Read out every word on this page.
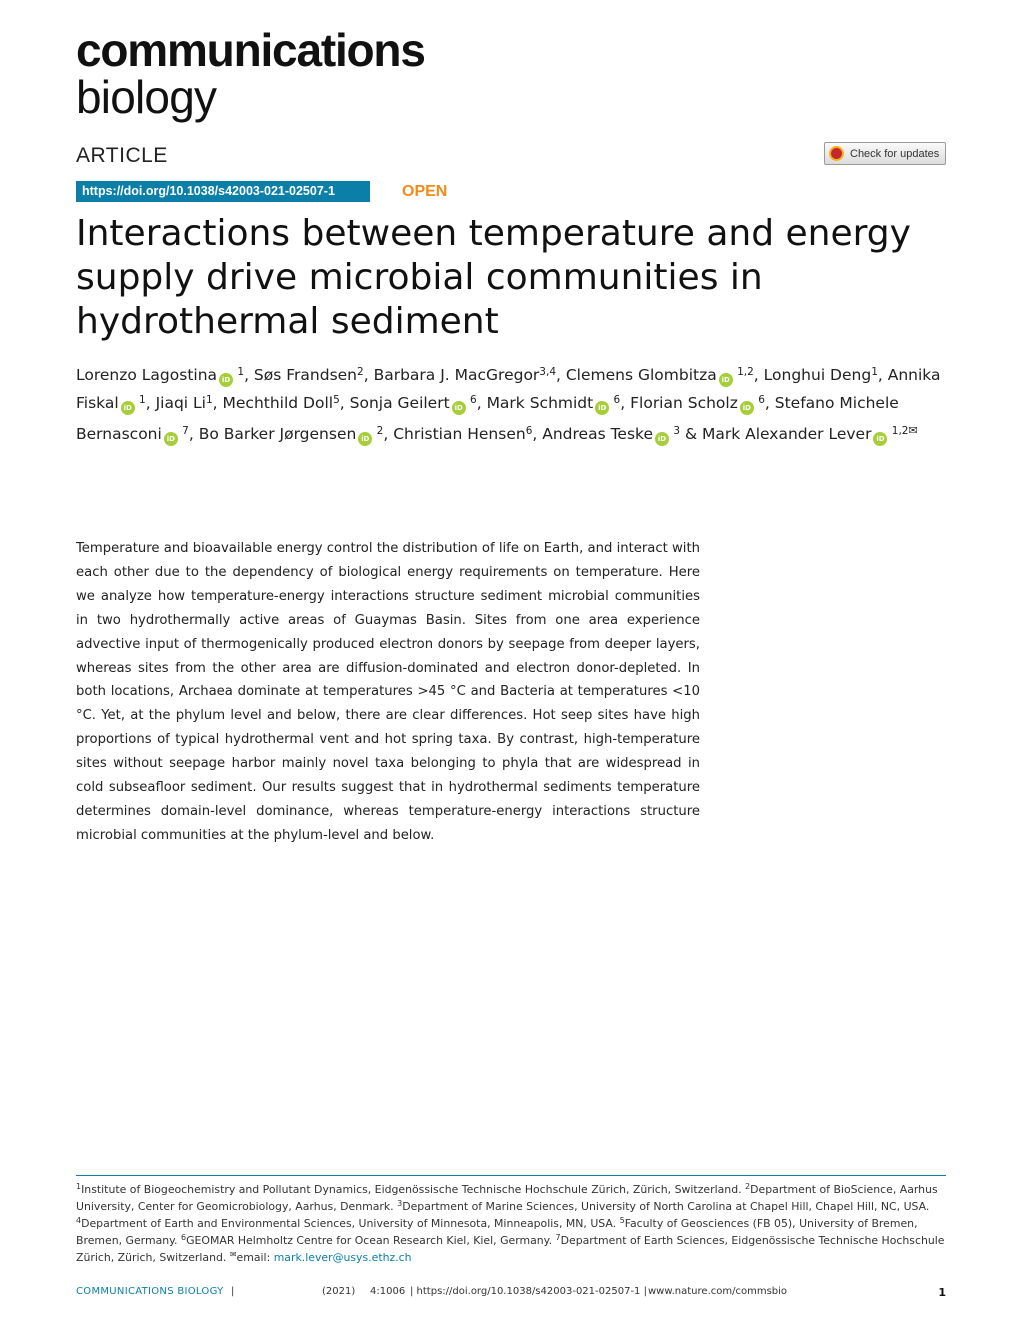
communications
biology
ARTICLE	Check for updates
https://doi.org/10.1038/s42003-021-02507-1	OPEN
Interactions between temperature and energy supply drive microbial communities in hydrothermal sediment
Lorenzo Lagostina iD $^1$, Søs Frandsen$^2$, Barbara J. MacGregor$^{3,4}$, Clemens Glombitza iD $^{1,2}$, Longhui Deng$^1$, Annika Fiskal iD $^1$, Jiaqi Li$^1$, Mechthild Doll$^5$, Sonja Geilert iD $^6$, Mark Schmidt iD $^6$, Florian Scholz iD $^6$, Stefano Michele Bernasconi iD $^7$, Bo Barker Jørgensen iD $^2$, Christian Hensen$^6$, Andreas Teske iD $^3$ & Mark Alexander Lever iD $^{1,2✉}$

Temperature and bioavailable energy control the distribution of life on Earth, and interact with each other due to the dependency of biological energy requirements on temperature. Here we analyze how temperature-energy interactions structure sediment microbial communities in two hydrothermally active areas of Guaymas Basin. Sites from one area experience advective input of thermogenically produced electron donors by seepage from deeper layers, whereas sites from the other area are diffusion-dominated and electron donor-depleted. In both locations, Archaea dominate at temperatures >45 °C and Bacteria at temperatures <10 °C. Yet, at the phylum level and below, there are clear differences. Hot seep sites have high proportions of typical hydrothermal vent and hot spring taxa. By contrast, high-temperature sites without seepage harbor mainly novel taxa belonging to phyla that are widespread in cold subseafloor sediment. Our results suggest that in hydrothermal sediments temperature determines domain-level dominance, whereas temperature-energy interactions structure microbial communities at the phylum-level and below.

$^1$Institute of Biogeochemistry and Pollutant Dynamics, Eidgenössische Technische Hochschule Zürich, Zürich, Switzerland. $^2$Department of BioScience, Aarhus University, Center for Geomicrobiology, Aarhus, Denmark. $^3$Department of Marine Sciences, University of North Carolina at Chapel Hill, Chapel Hill, NC, USA. $^4$Department of Earth and Environmental Sciences, University of Minnesota, Minneapolis, MN, USA. $^5$Faculty of Geosciences (FB 05), University of Bremen, Bremen, Germany. $^6$GEOMAR Helmholtz Centre for Ocean Research Kiel, Kiel, Germany. $^7$Department of Earth Sciences, Eidgenössische Technische Hochschule Zürich, Zürich, Switzerland. ✉email: mark.lever@usys.ethz.ch
COMMUNICATIONS BIOLOGY |	(2021) 4:1006 | https://doi.org/10.1038/s42003-021-02507-1 | www.nature.com/commsbio	1
